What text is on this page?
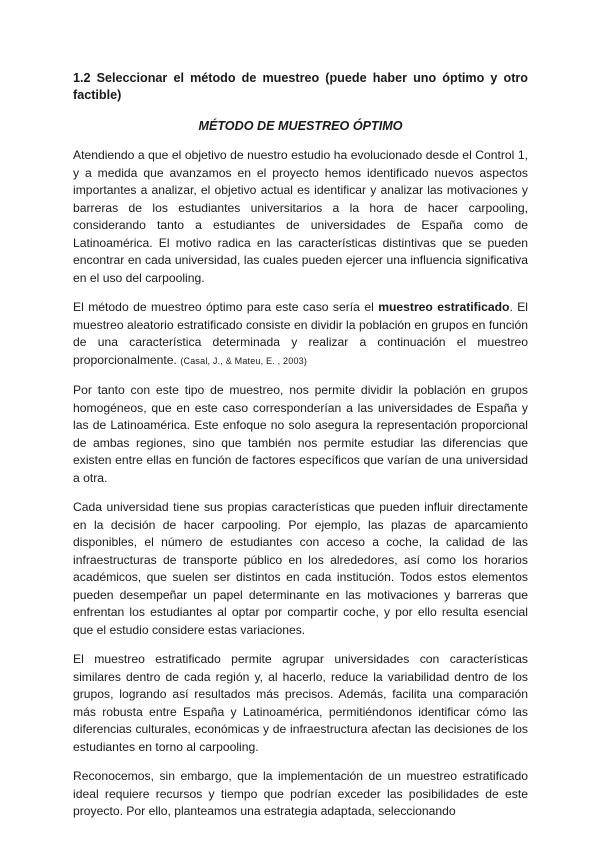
1.2 Seleccionar el método de muestreo (puede haber uno óptimo y otro factible)

MÉTODO DE MUESTREO ÓPTIMO

Atendiendo a que el objetivo de nuestro estudio ha evolucionado desde el Control 1, y a medida que avanzamos en el proyecto hemos identificado nuevos aspectos importantes a analizar, el objetivo actual es identificar y analizar las motivaciones y barreras de los estudiantes universitarios a la hora de hacer carpooling, considerando tanto a estudiantes de universidades de España como de Latinoamérica. El motivo radica en las características distintivas que se pueden encontrar en cada universidad, las cuales pueden ejercer una influencia significativa en el uso del carpooling.

El método de muestreo óptimo para este caso sería el muestreo estratificado. El muestreo aleatorio estratificado consiste en dividir la población en grupos en función de una característica determinada y realizar a continuación el muestreo proporcionalmente. (Casal, J., & Mateu, E. , 2003)

Por tanto con este tipo de muestreo, nos permite dividir la población en grupos homogéneos, que en este caso corresponderían a las universidades de España y las de Latinoamérica. Este enfoque no solo asegura la representación proporcional de ambas regiones, sino que también nos permite estudiar las diferencias que existen entre ellas en función de factores específicos que varían de una universidad a otra.

Cada universidad tiene sus propias características que pueden influir directamente en la decisión de hacer carpooling. Por ejemplo, las plazas de aparcamiento disponibles, el número de estudiantes con acceso a coche, la calidad de las infraestructuras de transporte público en los alrededores, así como los horarios académicos, que suelen ser distintos en cada institución. Todos estos elementos pueden desempeñar un papel determinante en las motivaciones y barreras que enfrentan los estudiantes al optar por compartir coche, y por ello resulta esencial que el estudio considere estas variaciones.

El muestreo estratificado permite agrupar universidades con características similares dentro de cada región y, al hacerlo, reduce la variabilidad dentro de los grupos, logrando así resultados más precisos. Además, facilita una comparación más robusta entre España y Latinoamérica, permitiéndonos identificar cómo las diferencias culturales, económicas y de infraestructura afectan las decisiones de los estudiantes en torno al carpooling.

Reconocemos, sin embargo, que la implementación de un muestreo estratificado ideal requiere recursos y tiempo que podrían exceder las posibilidades de este proyecto. Por ello, planteamos una estrategia adaptada, seleccionando
